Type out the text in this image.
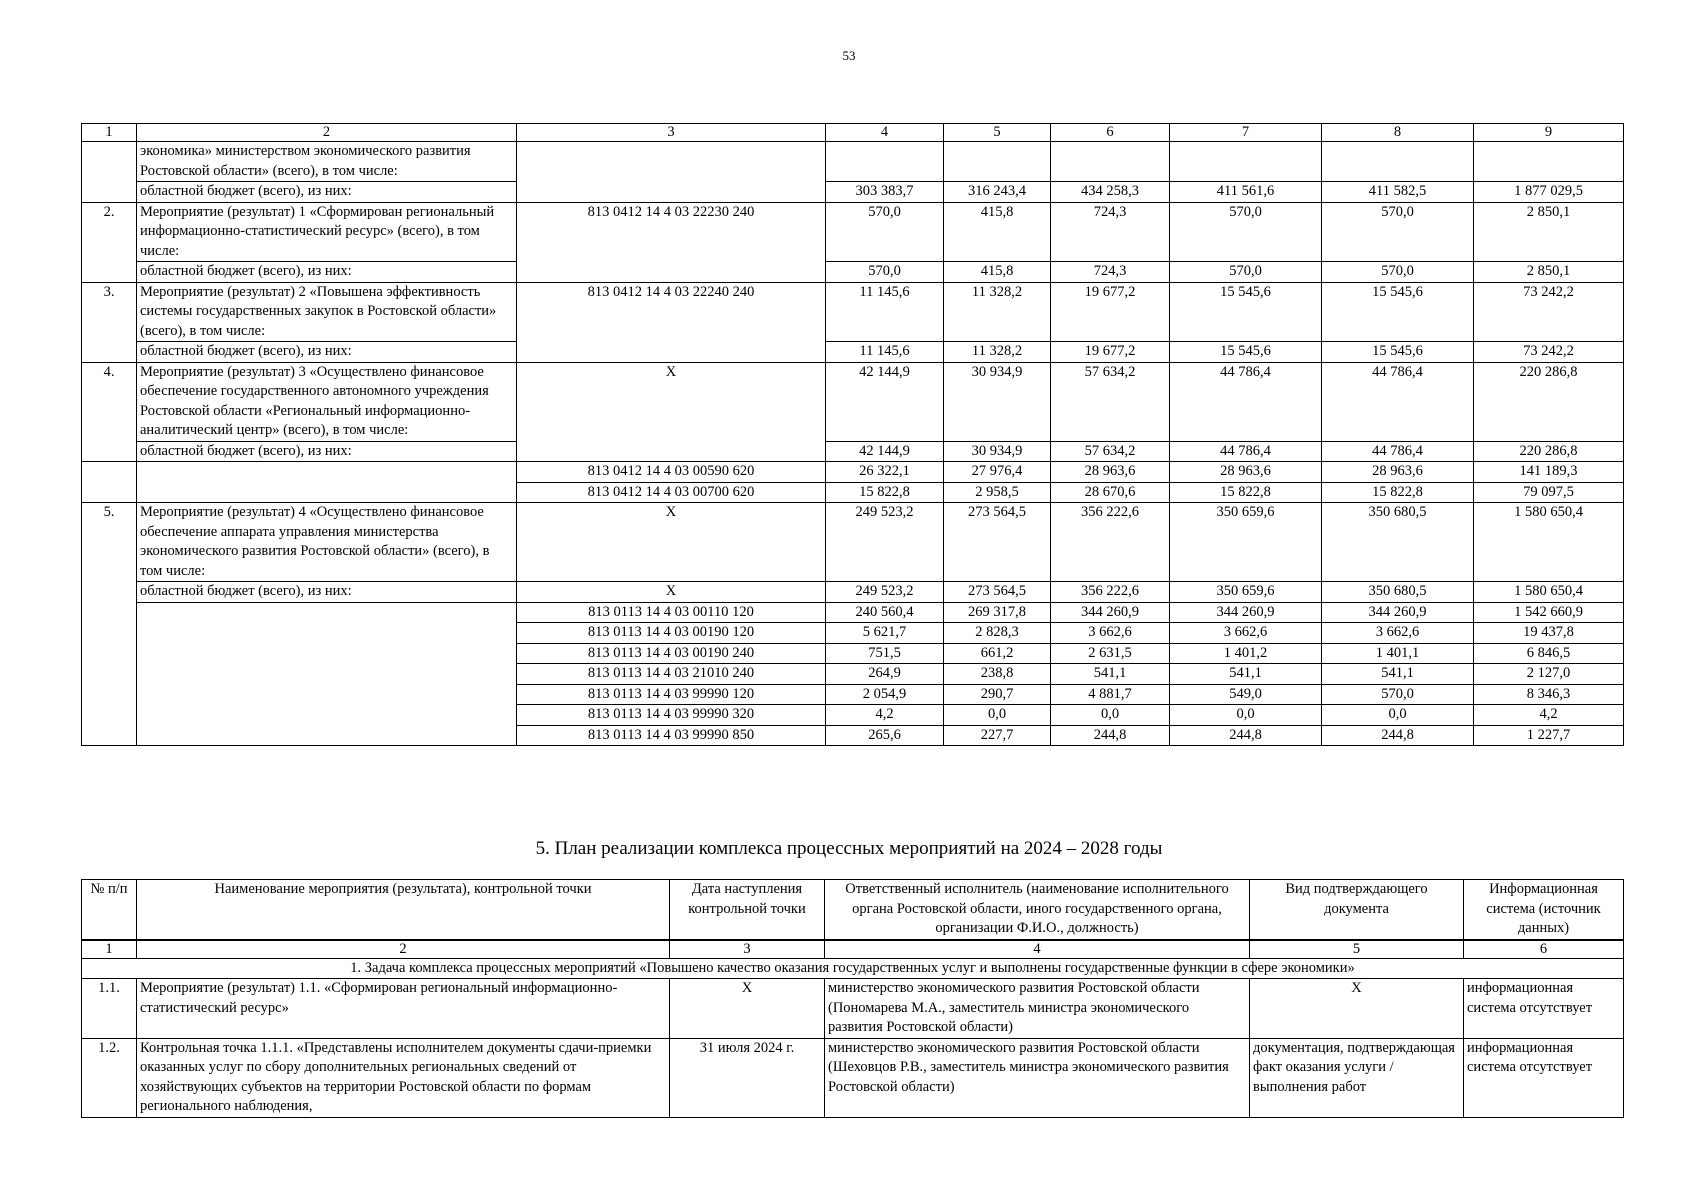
53
1	2	3	4	5	6	7	8	9
	экономика» министерством экономического развития Ростовской области» (всего), в том числе:							
	областной бюджет (всего), из них:		303 383,7	316 243,4	434 258,3	411 561,6	411 582,5	1 877 029,5
2.	Мероприятие (результат) 1 «Сформирован региональный информационно-статистический ресурс» (всего), в том числе:	813 0412 14 4 03 22230 240	570,0	415,8	724,3	570,0	570,0	2 850,1
	областной бюджет (всего), из них:		570,0	415,8	724,3	570,0	570,0	2 850,1
3.	Мероприятие (результат) 2 «Повышена эффективность системы государственных закупок в Ростовской области» (всего), в том числе:	813 0412 14 4 03 22240 240	11 145,6	11 328,2	19 677,2	15 545,6	15 545,6	73 242,2
	областной бюджет (всего), из них:		11 145,6	11 328,2	19 677,2	15 545,6	15 545,6	73 242,2
4.	Мероприятие (результат) 3 «Осуществлено финансовое обеспечение государственного автономного учреждения Ростовской области «Региональный информационно-аналитический центр» (всего), в том числе:	X	42 144,9	30 934,9	57 634,2	44 786,4	44 786,4	220 286,8
	областной бюджет (всего), из них:		42 144,9	30 934,9	57 634,2	44 786,4	44 786,4	220 286,8
		813 0412 14 4 03 00590 620	26 322,1	27 976,4	28 963,6	28 963,6	28 963,6	141 189,3
		813 0412 14 4 03 00700 620	15 822,8	2 958,5	28 670,6	15 822,8	15 822,8	79 097,5
5.	Мероприятие (результат) 4 «Осуществлено финансовое обеспечение аппарата управления министерства экономического развития Ростовской области» (всего), в том числе:	X	249 523,2	273 564,5	356 222,6	350 659,6	350 680,5	1 580 650,4
	областной бюджет (всего), из них:	X	249 523,2	273 564,5	356 222,6	350 659,6	350 680,5	1 580 650,4
		813 0113 14 4 03 00110 120	240 560,4	269 317,8	344 260,9	344 260,9	344 260,9	1 542 660,9
		813 0113 14 4 03 00190 120	5 621,7	2 828,3	3 662,6	3 662,6	3 662,6	19 437,8
		813 0113 14 4 03 00190 240	751,5	661,2	2 631,5	1 401,2	1 401,1	6 846,5
		813 0113 14 4 03 21010 240	264,9	238,8	541,1	541,1	541,1	2 127,0
		813 0113 14 4 03 99990 120	2 054,9	290,7	4 881,7	549,0	570,0	8 346,3
		813 0113 14 4 03 99990 320	4,2	0,0	0,0	0,0	0,0	4,2
		813 0113 14 4 03 99990 850	265,6	227,7	244,8	244,8	244,8	1 227,7
5. План реализации комплекса процессных мероприятий на 2024 – 2028 годы
№ п/п	Наименование мероприятия (результата), контрольной точки	Дата наступления контрольной точки	Ответственный исполнитель (наименование исполнительного органа Ростовской области, иного государственного органа, организации Ф.И.О., должность)	Вид подтверждающего документа	Информационная система (источник данных)
1	2	3	4	5	6
1. Задача комплекса процессных мероприятий «Повышено качество оказания государственных услуг и выполнены государственные функции в сфере экономики»					
1.1.	Мероприятие (результат) 1.1. «Сформирован региональный информационно-статистический ресурс»	X	министерство экономического развития Ростовской области (Пономарева М.А., заместитель министра экономического развития Ростовской области)	X	информационная система отсутствует
1.2.	Контрольная точка 1.1.1. «Представлены исполнителем документы сдачи-приемки оказанных услуг по сбору дополнительных региональных сведений от хозяйствующих субъектов на территории Ростовской области по формам регионального наблюдения,	31 июля 2024 г.	министерство экономического развития Ростовской области (Шеховцов Р.В., заместитель министра экономического развития Ростовской области)	документация, подтверждающая факт оказания услуги / выполнения работ	информационная система отсутствует
